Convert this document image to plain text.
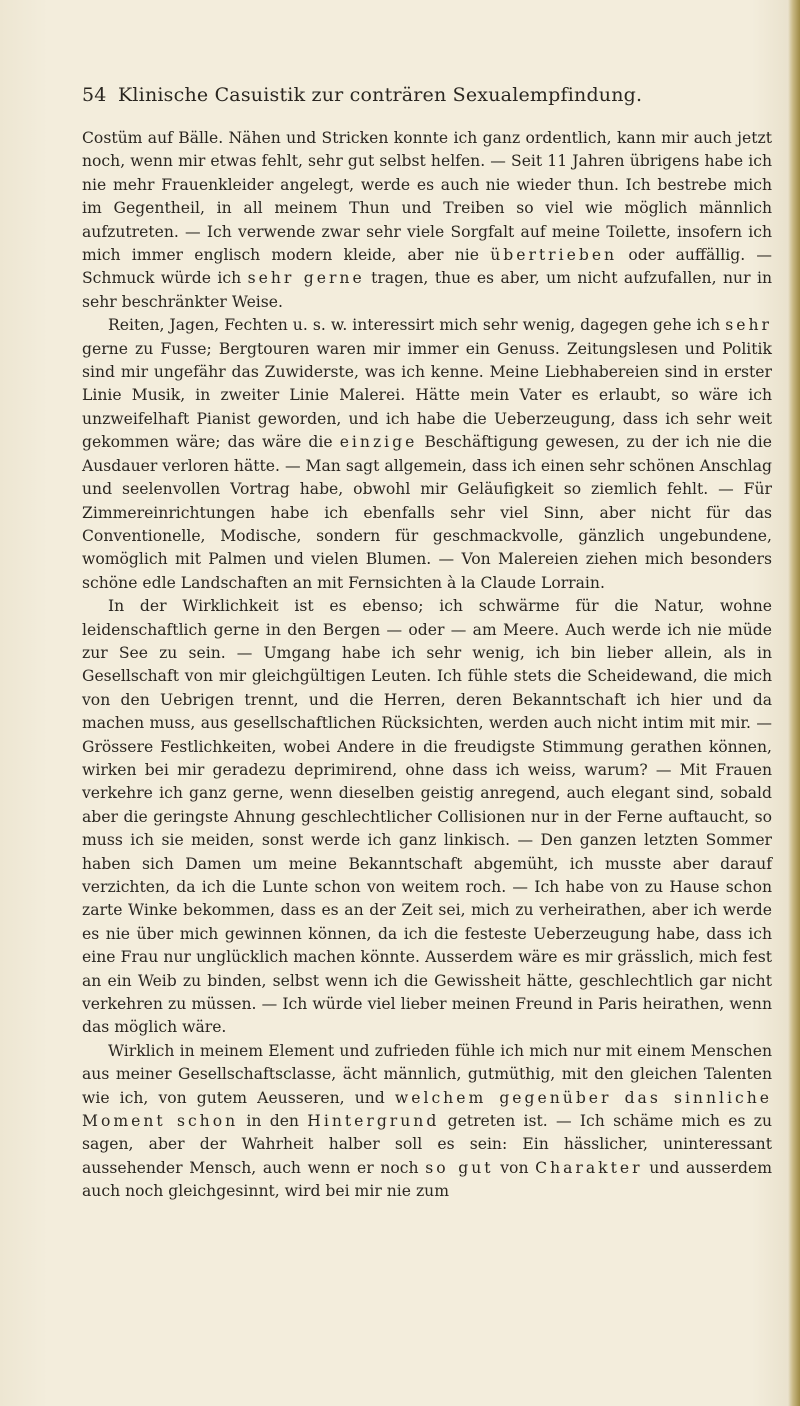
54 Klinische Casuistik zur conträren Sexualempfindung.

Costüm auf Bälle. Nähen und Stricken konnte ich ganz ordentlich, kann mir auch jetzt noch, wenn mir etwas fehlt, sehr gut selbst helfen. — Seit 11 Jahren übrigens habe ich nie mehr Frauenkleider angelegt, werde es auch nie wieder thun. Ich bestrebe mich im Gegentheil, in all meinem Thun und Treiben so viel wie möglich männlich aufzutreten. — Ich verwende zwar sehr viele Sorgfalt auf meine Toilette, insofern ich mich immer englisch modern kleide, aber nie übertrieben oder auffällig. — Schmuck würde ich sehr gerne tragen, thue es aber, um nicht aufzufallen, nur in sehr beschränkter Weise.

Reiten, Jagen, Fechten u. s. w. interessirt mich sehr wenig, dagegen gehe ich sehr gerne zu Fusse; Bergtouren waren mir immer ein Genuss. Zeitungslesen und Politik sind mir ungefähr das Zuwiderste, was ich kenne. Meine Liebhabereien sind in erster Linie Musik, in zweiter Linie Malerei. Hätte mein Vater es erlaubt, so wäre ich unzweifelhaft Pianist geworden, und ich habe die Ueberzeugung, dass ich sehr weit gekommen wäre; das wäre die einzige Beschäftigung gewesen, zu der ich nie die Ausdauer verloren hätte. — Man sagt allgemein, dass ich einen sehr schönen Anschlag und seelenvollen Vortrag habe, obwohl mir Geläufigkeit so ziemlich fehlt. — Für Zimmereinrichtungen habe ich ebenfalls sehr viel Sinn, aber nicht für das Conventionelle, Modische, sondern für geschmackvolle, gänzlich ungebundene, womöglich mit Palmen und vielen Blumen. — Von Malereien ziehen mich besonders schöne edle Landschaften an mit Fernsichten à la Claude Lorrain.

In der Wirklichkeit ist es ebenso; ich schwärme für die Natur, wohne leidenschaftlich gerne in den Bergen — oder — am Meere. Auch werde ich nie müde zur See zu sein. — Umgang habe ich sehr wenig, ich bin lieber allein, als in Gesellschaft von mir gleichgültigen Leuten. Ich fühle stets die Scheidewand, die mich von den Uebrigen trennt, und die Herren, deren Bekanntschaft ich hier und da machen muss, aus gesellschaftlichen Rücksichten, werden auch nicht intim mit mir. — Grössere Festlichkeiten, wobei Andere in die freudigste Stimmung gerathen können, wirken bei mir geradezu deprimirend, ohne dass ich weiss, warum? — Mit Frauen verkehre ich ganz gerne, wenn dieselben geistig anregend, auch elegant sind, sobald aber die geringste Ahnung geschlechtlicher Collisionen nur in der Ferne auftaucht, so muss ich sie meiden, sonst werde ich ganz linkisch. — Den ganzen letzten Sommer haben sich Damen um meine Bekanntschaft abgemüht, ich musste aber darauf verzichten, da ich die Lunte schon von weitem roch. — Ich habe von zu Hause schon zarte Winke bekommen, dass es an der Zeit sei, mich zu verheirathen, aber ich werde es nie über mich gewinnen können, da ich die festeste Ueberzeugung habe, dass ich eine Frau nur unglücklich machen könnte. Ausserdem wäre es mir grässlich, mich fest an ein Weib zu binden, selbst wenn ich die Gewissheit hätte, geschlechtlich gar nicht verkehren zu müssen. — Ich würde viel lieber meinen Freund in Paris heirathen, wenn das möglich wäre.

Wirklich in meinem Element und zufrieden fühle ich mich nur mit einem Menschen aus meiner Gesellschaftsclasse, ächt männlich, gutmüthig, mit den gleichen Talenten wie ich, von gutem Aeusseren, und welchem gegenüber das sinnliche Moment schon in den Hintergrund getreten ist. — Ich schäme mich es zu sagen, aber der Wahrheit halber soll es sein: Ein hässlicher, uninteressant aussehender Mensch, auch wenn er noch so gut von Charakter und ausserdem auch noch gleichgesinnt, wird bei mir nie zum
